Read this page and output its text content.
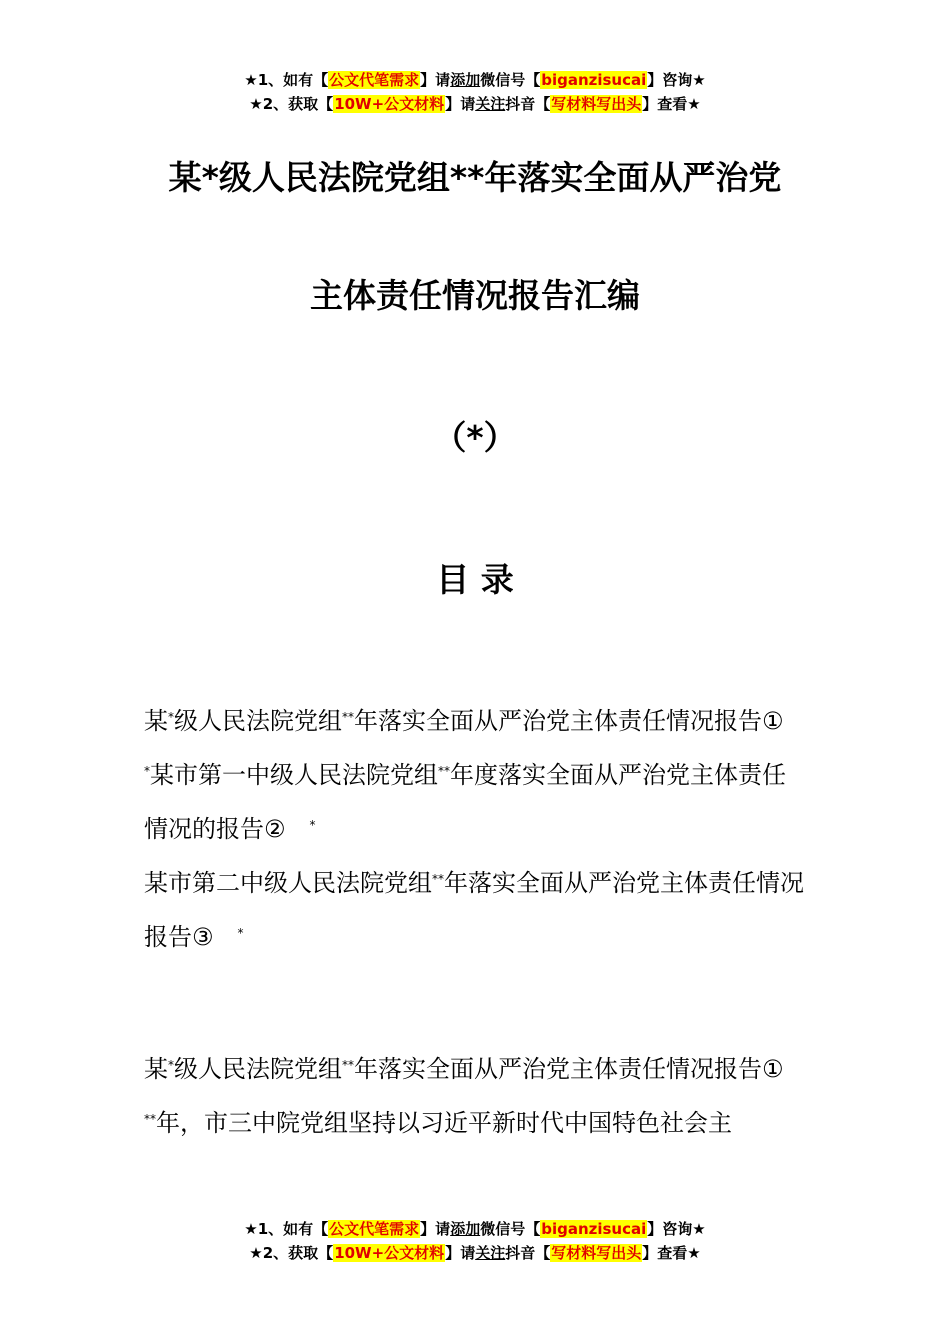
★1、如有【公文代笔需求】请添加微信号【biganzisucai】咨询★
★2、获取【10W+公文材料】请关注抖音【写材料写出头】查看★
某*级人民法院党组**年落实全面从严治党
主体责任情况报告汇编
（*）
目 录

某*级人民法院党组**年落实全面从严治党主体责任情况报告①　*某市第一中级人民法院党组**年度落实全面从严治党主体责任情况的报告②　 *

某市第二中级人民法院党组**年落实全面从严治党主体责任情况报告③　 *

某*级人民法院党组**年落实全面从严治党主体责任情况报告①

**年，市三中院党组坚持以习近平新时代中国特色社会主

★1、如有【公文代笔需求】请添加微信号【biganzisucai】咨询★
★2、获取【10W+公文材料】请关注抖音【写材料写出头】查看★
